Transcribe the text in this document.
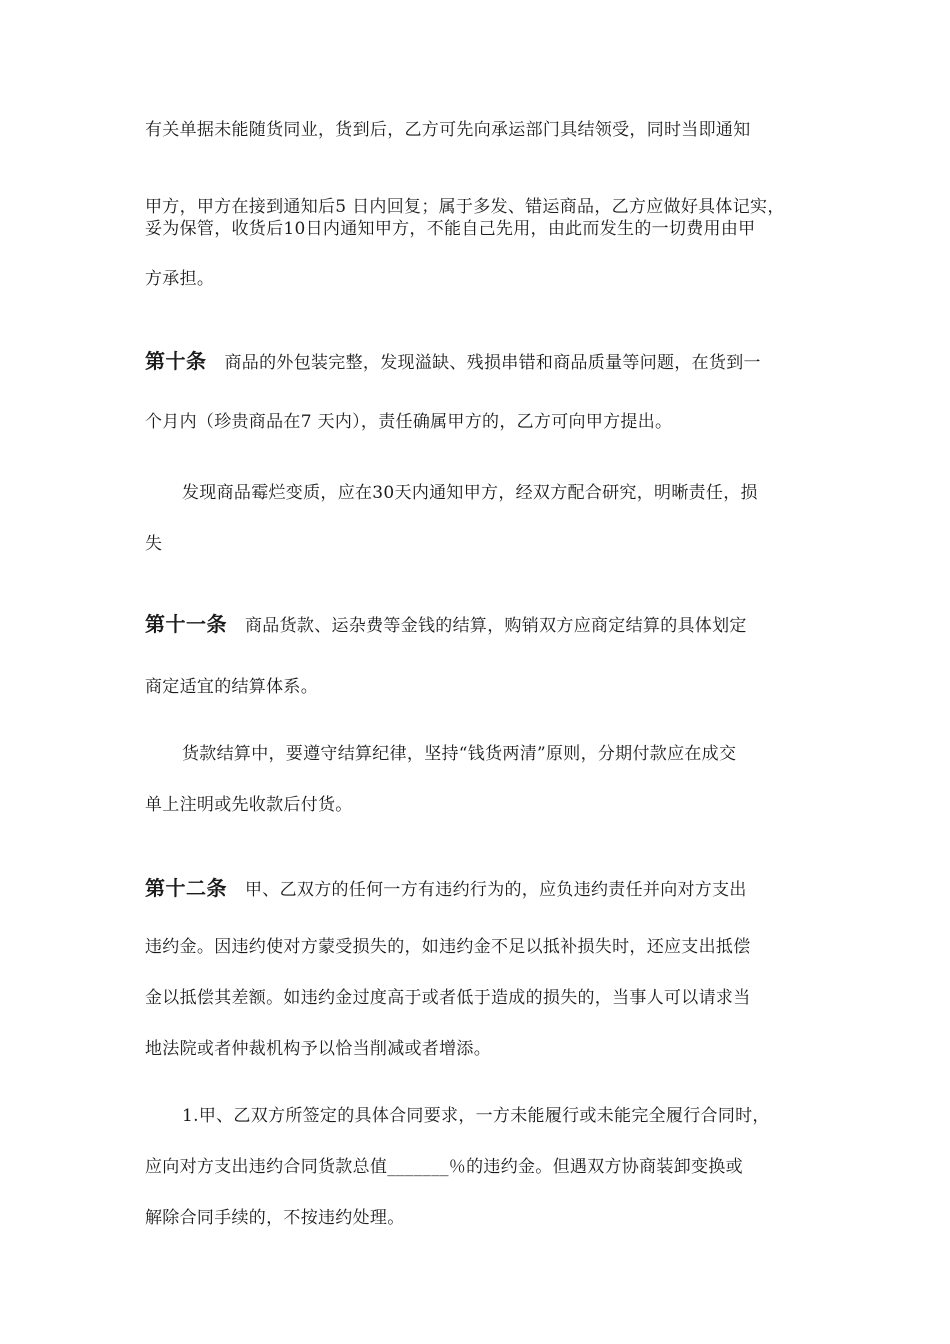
有关单据未能随货同业，货到后，乙方可先向承运部门具结领受，同时当即通知
甲方，甲方在接到通知后5 日内回复；属于多发、错运商品，乙方应做好具体记实，
妥为保管，收货后10日内通知甲方，不能自己先用，由此而发生的一切费用由甲
方承担。
第十条 商品的外包装完整，发现溢缺、残损串错和商品质量等问题，在货到一
个月内（珍贵商品在7 天内），责任确属甲方的，乙方可向甲方提出。
发现商品霉烂变质，应在30天内通知甲方，经双方配合研究，明晰责任，损
失
第十一条 商品货款、运杂费等金钱的结算，购销双方应商定结算的具体划定
商定适宜的结算体系。
货款结算中，要遵守结算纪律，坚持“钱货两清”原则，分期付款应在成交
单上注明或先收款后付货。
第十二条 甲、乙双方的任何一方有违约行为的，应负违约责任并向对方支出
违约金。因违约使对方蒙受损失的，如违约金不足以抵补损失时，还应支出抵偿
金以抵偿其差额。如违约金过度高于或者低于造成的损失的，当事人可以请求当
地法院或者仲裁机构予以恰当削减或者增添。
1.甲、乙双方所签定的具体合同要求，一方未能履行或未能完全履行合同时，
应向对方支出违约合同货款总值_______％的违约金。但遇双方协商装卸变换或
解除合同手续的，不按违约处理。
